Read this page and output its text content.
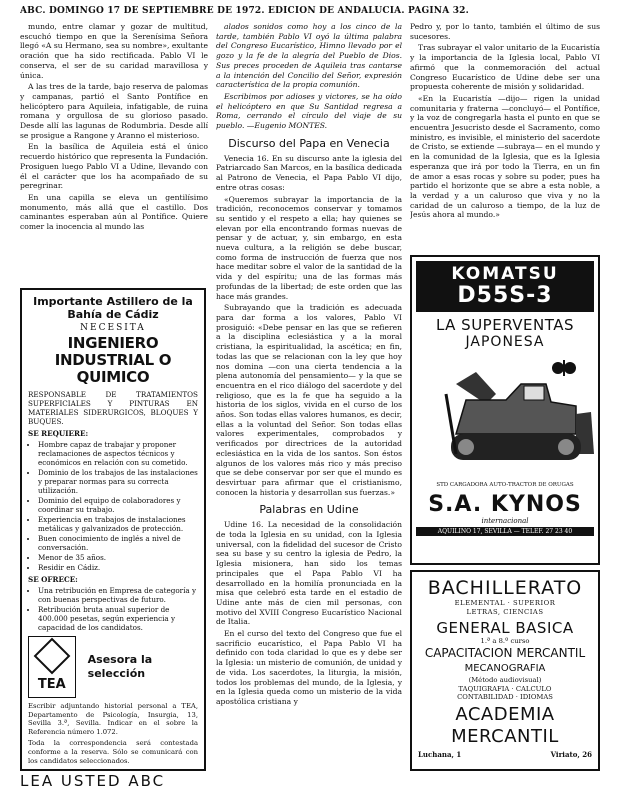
ABC. DOMINGO 17 DE SEPTIEMBRE DE 1972. EDICION DE ANDALUCIA. PAGINA 32.

mundo, entre clamar y gozar de multitud, escuchó tiempo en que la Serenísima Señora llegó «A su Hermano, sea su nombre», exultante oración que ha sido rectificada. Pablo VI le conserva, el ser de su caridad maravillosa y única.

A las tres de la tarde, bajo reserva de palomas y campanas, partió el Santo Pontífice en helicóptero para Aquileia, infatigable, de ruina romana y orgullosa de su glorioso pasado. Desde allí las lagunas de Rodumbria. Desde allí se prosigue a Rangone y Aranno el misterioso.

En la basílica de Aquileia está el único recuerdo histórico que representa la Fundación. Prosiguen luego Pablo VI a Udine, llevando con él el carácter que los ha acompañado de su peregrinar.

En una capilla se eleva un gentilísimo monumento, más allá que el castillo. Dos caminantes esperaban aún al Pontífice. Quiere comer la inocencia al mundo las

Importante Astillero de la Bahía de Cádiz
NECESITA
INGENIERO INDUSTRIAL O QUIMICO
RESPONSABLE DE TRATAMIENTOS SUPERFICIALES Y PINTURAS EN MATERIALES SIDERURGICOS, BLOQUES Y BUQUES.
SE REQUIERE:
• Hombre capaz de trabajar y proponer reclamaciones de aspectos técnicos y económicos en relación con su cometido.
• Dominio de los trabajos de las instalaciones y preparar normas para su correcta utilización.
• Dominio del equipo de colaboradores y coordinar su trabajo.
• Experiencia en trabajos de instalaciones metálicas y galvanizados de protección.
• Buen conocimiento de inglés a nivel de conversación.
• Menor de 35 años.
• Residir en Cádiz.
SE OFRECE:
• Una retribución en Empresa de categoría y con buenas perspectivas de futuro.
• Retribución bruta anual superior de 400.000 pesetas, según experiencia y capacidad de los candidatos.
TEA
Asesora la selección
Escribir adjuntando historial personal a TEA, Departamento de Psicología, Insurgia, 13, Sevilla 3.ª, Sevilla. Indicar en el sobre la Referencia número 1.072.
Toda la correspondencia será contestada conforme a la reserva. Sólo se comunicará con los candidatos seleccionados.
LEA USTED ABC

alados sonidos como hoy a los cinco de la tarde, también Pablo VI oyó la última palabra del Congreso Eucarístico, Himno llevado por el gozo y la fe de la alegría del Pueblo de Dios. Sus preces proceden de Aquileia tras cantarse a la intención del Concilio del Señor, expresión característica de la propia comunión.

Escribimos por adioses y victores, se ha oído el helicóptero en que Su Santidad regresa a Roma, cerrando el círculo del viaje de su pueblo. —Eugenio MONTES.

Discurso del Papa en Venecia

Venecia 16. En su discurso ante la iglesia del Patriarcado San Marcos, en la basílica dedicada al Patrono de Venecia, el Papa Pablo VI dijo, entre otras cosas:

«Queremos subrayar la importancia de la tradición, reconocemos conservar y tomamos su sentido y el respeto a ella; hay quienes se elevan por ella encontrando formas nuevas de pensar y de actuar, y, sin embargo, en esta nueva cultura, a la religión se debe buscar, como forma de instrucción de fuerza que nos hace meditar sobre el valor de la santidad de la vida y del espíritu; una de las formas más profundas de la libertad; de este orden que las hace más grandes.

Subrayando que la tradición es adecuada para dar forma a los valores, Pablo VI prosiguió: «Debe pensar en las que se refieren a la disciplina eclesiástica y a la moral cristiana, la espiritualidad, la ascética; en fin, todas las que se relacionan con la ley que hoy nos domina —con una cierta tendencia a la plena autonomía del pensamiento— y la que se encuentra en el rico diálogo del sacerdote y del religioso, que es la fe que ha seguido a la historia de los siglos, vivida en el curso de los años. Son todas ellas valores humanos, es decir, ellas a la voluntad del Señor. Son todas ellas valores experimentales, comprobados y verificados por directrices de la autoridad eclesiástica en la vida de los santos. Son éstos algunos de los valores más rico y más preciso que se debe conservar por ser que el mundo es desvirtuar para afirmar que el cristianismo, conocen la historia y desarrollan sus fuerzas.»

Palabras en Udine

Udine 16. La necesidad de la consolidación de toda la Iglesia en su unidad, con la Iglesia universal, con la fidelidad del sucesor de Cristo sea su base y su centro la iglesia de Pedro, la Iglesia misionera, han sido los temas principales que el Papa Pablo VI ha desarrollado en la homilía pronunciada en la misa que celebró esta tarde en el estadio de Udine ante más de cien mil personas, con motivo del XVIII Congreso Eucarístico Nacional de Italia.

En el curso del texto del Congreso que fue el sacrificio eucarístico, el Papa Pablo VI ha definido con toda claridad lo que es y debe ser la Iglesia: un misterio de comunión, de unidad y de vida. Los sacerdotes, la liturgia, la misión, todos los problemas del mundo, de la Iglesia, y en la Iglesia queda como un misterio de la vida apostólica cristiana y

Pedro y, por lo tanto, también el último de sus sucesores.

Tras subrayar el valor unitario de la Eucaristía y la importancia de la Iglesia local, Pablo VI afirmó que la conmemoración del actual Congreso Eucarístico de Udine debe ser una propuesta coherente de misión y solidaridad.

«En la Eucaristía —dijo— rigen la unidad comunitaria y fraterna —concluyó— el Pontífice, y la voz de congregarla hasta el punto en que se encuentra Jesucristo desde el Sacramento, como ministro, es invisible, el ministerio del sacerdote de Cristo, se extiende —subraya— en el mundo y en la comunidad de la Iglesia, que es la Iglesia esperanza que irá por todo la Tierra, en un fin de amor a esas rocas y sobre su poder, pues ha partido el horizonte que se abre a esta noble, a la verdad y a un caluroso que viva y no la caridad de un caluroso a tiempo, de la luz de Jesús ahora al mundo.»

KOMATSU
D55S-3
LA SUPERVENTAS
JAPONESA
STD CARGADORA AUTO-TRACTOR DE ORUGAS
S.A. KYNOS
internacional
AQUILINO 17, SEVILLA — TELEF. 27 23 40
BACHILLERATO
ELEMENTAL · SUPERIOR
LETRAS, CIENCIAS
GENERAL BASICA
1.ª a 8.º curso
CAPACITACION MERCANTIL
MECANOGRAFIA
(Método audiovisual)
TAQUIGRAFIA · CALCULO
CONTABILIDAD · IDIOMAS
ACADEMIA MERCANTIL
Luchana, 1	Viriato, 26
